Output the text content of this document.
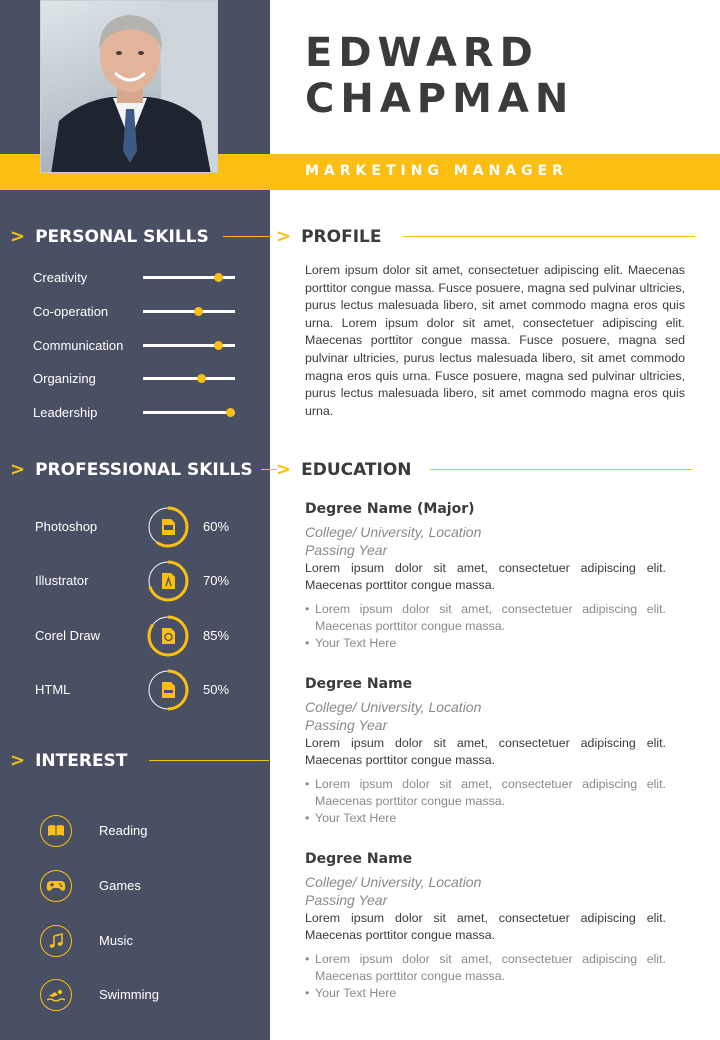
EDWARD
CHAPMAN
MARKETING MANAGER
> PERSONAL SKILLS
Creativity
Co-operation
Communication
Organizing
Leadership
> PROFESSIONAL SKILLS
Photoshop	60%
Illustrator	70%
Corel Draw	85%
HTML	50%
> INTEREST
Reading
Games
Music
Swimming
> PROFILE
Lorem ipsum dolor sit amet, consectetuer adipiscing elit. Maecenas porttitor congue massa. Fusce posuere, magna sed pulvinar ultricies, purus lectus malesuada libero, sit amet commodo magna eros quis urna. Lorem ipsum dolor sit amet, consectetuer adipiscing elit. Maecenas porttitor congue massa. Fusce posuere, magna sed pulvinar ultricies, purus lectus malesuada libero, sit amet commodo magna eros quis urna. Fusce posuere, magna sed pulvinar ultricies, purus lectus malesuada libero, sit amet commodo magna eros quis urna.
> EDUCATION
Degree Name (Major)
College/ University, Location
Passing Year
Lorem ipsum dolor sit amet, consectetuer adipiscing elit. Maecenas porttitor congue massa.
• Lorem ipsum dolor sit amet, consectetuer adipiscing elit. Maecenas porttitor congue massa.
• Your Text Here
Degree Name
College/ University, Location
Passing Year
Lorem ipsum dolor sit amet, consectetuer adipiscing elit. Maecenas porttitor congue massa.
• Lorem ipsum dolor sit amet, consectetuer adipiscing elit. Maecenas porttitor congue massa.
• Your Text Here
Degree Name
College/ University, Location
Passing Year
Lorem ipsum dolor sit amet, consectetuer adipiscing elit. Maecenas porttitor congue massa.
• Lorem ipsum dolor sit amet, consectetuer adipiscing elit. Maecenas porttitor congue massa.
• Your Text Here
